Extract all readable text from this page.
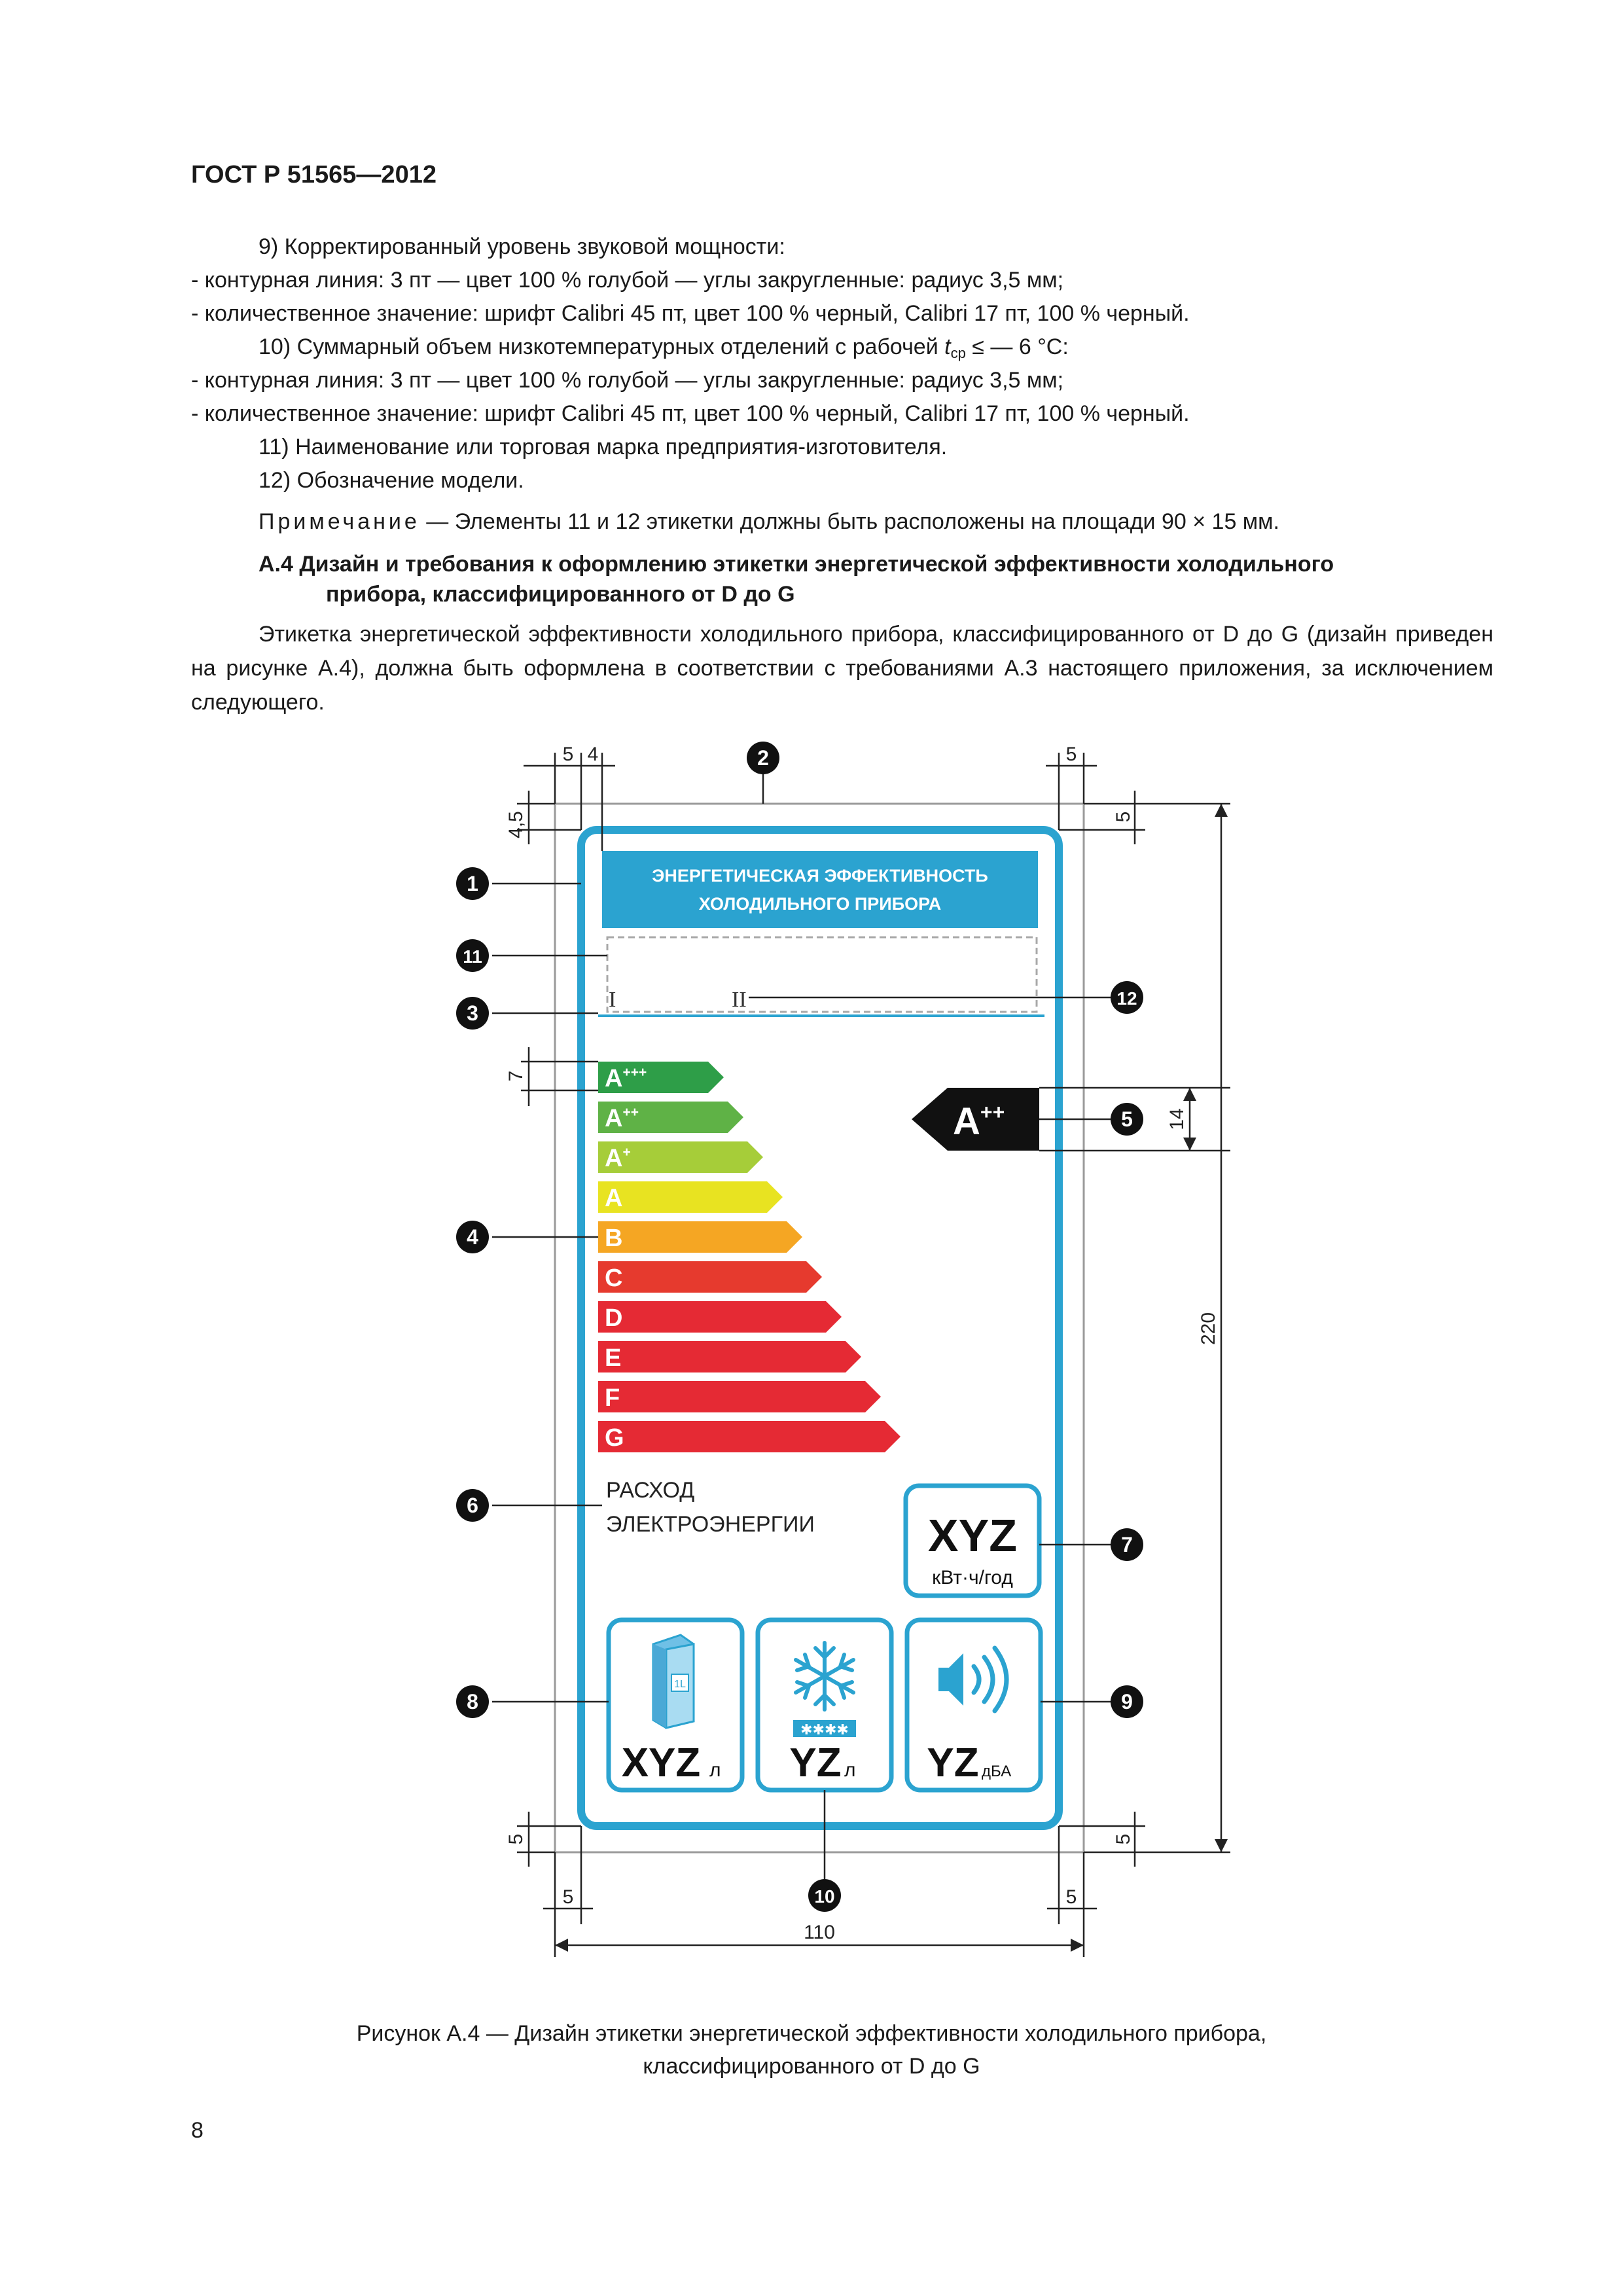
ГОСТ Р 51565—2012

9) Корректированный уровень звуковой мощности:

- контурная линия: 3 пт — цвет 100 % голубой — углы закругленные: радиус 3,5 мм;

- количественное значение: шрифт Calibri 45 пт, цвет 100 % черный, Calibri 17 пт, 100 % черный.

10) Суммарный объем низкотемпературных отделений с рабочей $t_{ср}$ ≤ — 6 °С:

- контурная линия: 3 пт — цвет 100 % голубой — углы закругленные: радиус 3,5 мм;

- количественное значение: шрифт Calibri 45 пт, цвет 100 % черный, Calibri 17 пт, 100 % черный.

11) Наименование или торговая марка предприятия-изготовителя.

12) Обозначение модели.

Примечание — Элементы 11 и 12 этикетки должны быть расположены на площади 90 × 15 мм.

А.4 Дизайн и требования к оформлению этикетки энергетической эффективности холодильного
прибора, классифицированного от D до G

Этикетка энергетической эффективности холодильного прибора, классифицированного от D до G (дизайн приведен на рисунке А.4), должна быть оформлена в соответствии с требованиями А.3 настоящего приложения, за исключением следующего.

ЭНЕРГЕТИЧЕСКАЯ ЭФФЕКТИВНОСТЬ
ХОЛОДИЛЬНОГО ПРИБОРА
I	II
A+++
A++
A+
A
B
C
D
E
F
G
A++
РАСХОД
ЭЛЕКТРОЭНЕРГИИ XYZ
кВт·ч/год
1L
XYZ л
✱✱✱✱
YZ л YZ дБА
5 4	5
4,5	5
7
14
220
5	5
5	5
110
1
2
3
4
5
6
7
8	9
10
11
12
Рисунок А.4 — Дизайн этикетки энергетической эффективности холодильного прибора,
классифицированного от D до G
8
